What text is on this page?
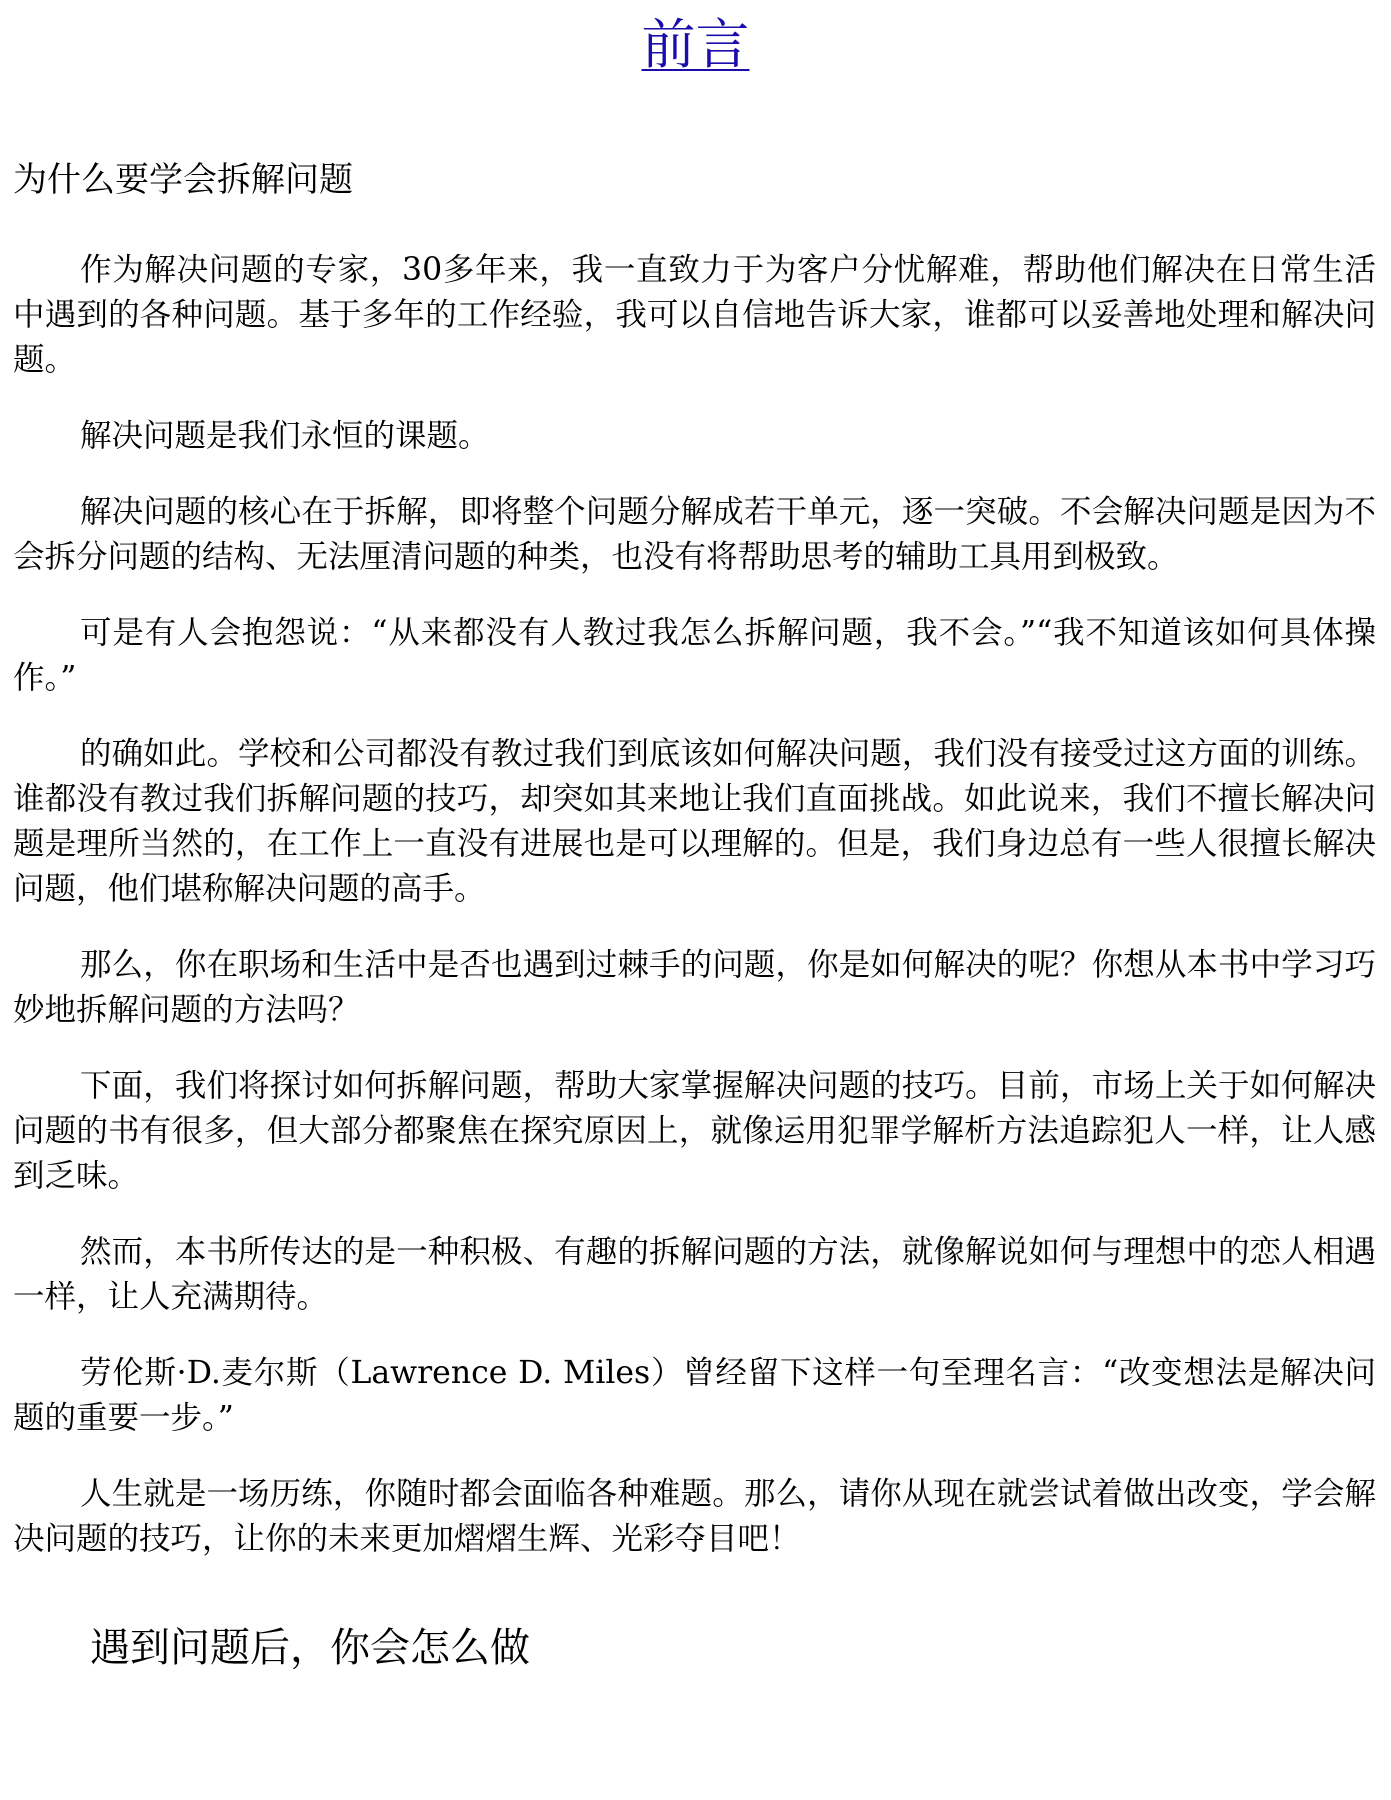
前言
为什么要学会拆解问题

作为解决问题的专家，30多年来，我一直致力于为客户分忧解难，帮助他们解决在日常生活中遇到的各种问题。基于多年的工作经验，我可以自信地告诉大家，谁都可以妥善地处理和解决问题。

解决问题是我们永恒的课题。

解决问题的核心在于拆解，即将整个问题分解成若干单元，逐一突破。不会解决问题是因为不会拆分问题的结构、无法厘清问题的种类，也没有将帮助思考的辅助工具用到极致。

可是有人会抱怨说：“从来都没有人教过我怎么拆解问题，我不会。”“我不知道该如何具体操作。”

的确如此。学校和公司都没有教过我们到底该如何解决问题，我们没有接受过这方面的训练。谁都没有教过我们拆解问题的技巧，却突如其来地让我们直面挑战。如此说来，我们不擅长解决问题是理所当然的，在工作上一直没有进展也是可以理解的。但是，我们身边总有一些人很擅长解决问题，他们堪称解决问题的高手。

那么，你在职场和生活中是否也遇到过棘手的问题，你是如何解决的呢？你想从本书中学习巧妙地拆解问题的方法吗？

下面，我们将探讨如何拆解问题，帮助大家掌握解决问题的技巧。目前，市场上关于如何解决问题的书有很多，但大部分都聚焦在探究原因上，就像运用犯罪学解析方法追踪犯人一样，让人感到乏味。

然而，本书所传达的是一种积极、有趣的拆解问题的方法，就像解说如何与理想中的恋人相遇一样，让人充满期待。

劳伦斯·D.麦尔斯（Lawrence D. Miles）曾经留下这样一句至理名言：“改变想法是解决问题的重要一步。”

人生就是一场历练，你随时都会面临各种难题。那么，请你从现在就尝试着做出改变，学会解决问题的技巧，让你的未来更加熠熠生辉、光彩夺目吧！

遇到问题后，你会怎么做
